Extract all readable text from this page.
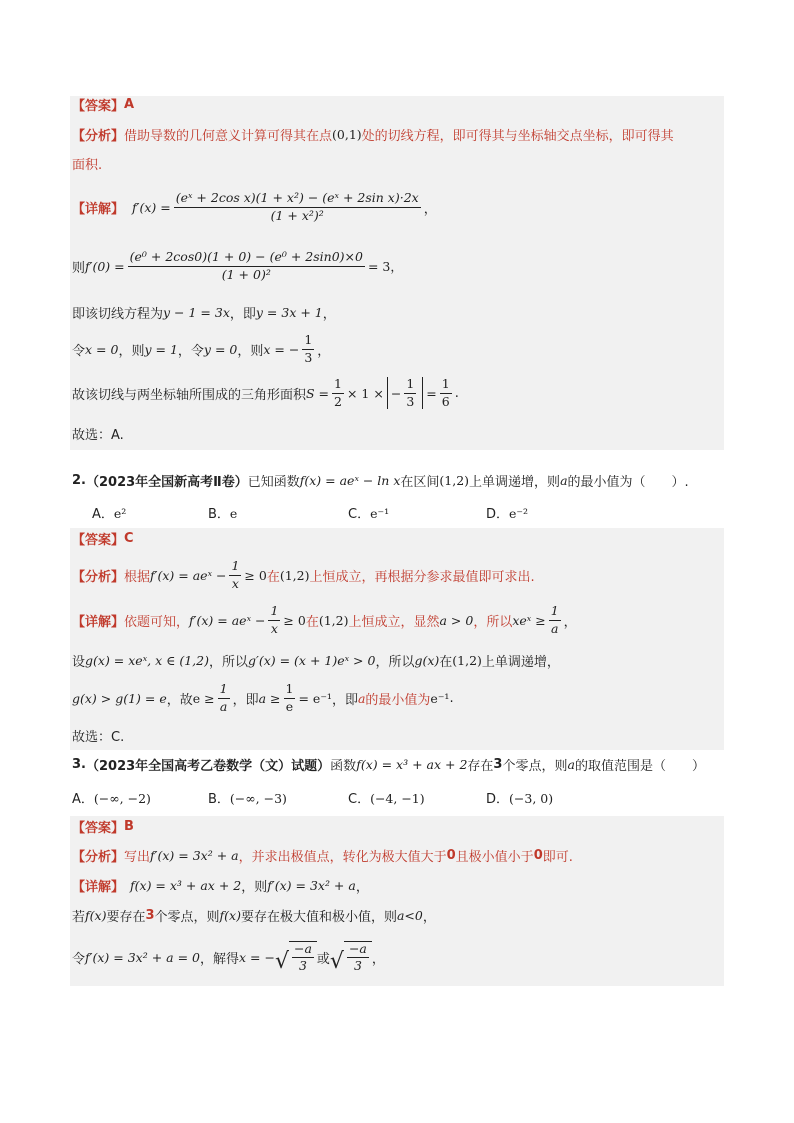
【答案】 A
【分析】 借助导数的几何意义计算可得其在点 (0,1) 处的切线方程，即可得其与坐标轴交点坐标，即可得其
面积.
【详解】 $f'(x) = \frac{\text{(eˣ + 2cos x)(1 + x²) − (eˣ + 2sin x)·2x}}{\text{(1 + x²)²}}$ ，
则 $f'(0) = \frac{\text{(e⁰ + 2cos0)(1 + 0) − (e⁰ + 2sin0)×0}}{\text{(1 + 0)²}} = 3$，
即该切线方程为 y − 1 = 3x ，即 y = 3x + 1 ，
令 x = 0 ，则 y = 1 ，令 y = 0 ，则 x = − $\frac{1}{3}$ ，
故该切线与两坐标轴所围成的三角形面积 $S = \frac{1}{2} \times 1$ × − $\frac{1}{3} = \frac{1}{6}$ .
故选：A.
2. （2023年全国新高考Ⅱ卷） 已知函数 f(x) = aeˣ − ln x 在区间 (1,2) 上单调递增，则 a 的最小值为（　　）.
A．e²	B．e	C．e⁻¹	D．e⁻²
【答案】 C
【分析】 根据 f′(x) = aeˣ − $\frac{1}{x} \ge 0$ 在 (1,2) 上恒成立，再根据分参求最值即可求出.
【详解】 依题可知， f′(x) = aeˣ − $\frac{1}{x} \ge 0$ 在 (1,2) 上恒成立，显然 a > 0 ，所以 xeˣ ≥ $\frac{1}{a}$ ，
设 g(x) = xeˣ, x ∈ (1,2) ，所以 g′(x) = (x + 1)eˣ > 0 ，所以 g(x) 在 (1,2) 上单调递增，
g(x) > g(1) = e ，故 $e \ge \frac{1}{a}$ ，即 $a \ge \frac{1}{e} = e^{-1}$ ，即 a 的最小值为 e⁻¹ .
故选：C.
3. （2023年全国高考乙卷数学（文）试题） 函数 f(x) = x³ + ax + 2 存在 3 个零点，则 a 的取值范围是（　　）
A．(−∞, −2)	B．(−∞, −3)	C．(−4, −1)	D．(−3, 0)
【答案】 B
【分析】 写出 f′(x) = 3x² + a ，并求出极值点，转化为极大值大于 0 且极小值小于 0 即可.
【详解】 f(x) = x³ + ax + 2 ，则 f′(x) = 3x² + a ，
若 f(x) 要存在 3 个零点，则 f(x) 要存在极大值和极小值，则 a<0 ，
令 f′(x) = 3x² + a = 0 ，解得 x = − √ $\frac{-a}{3}$ 或 √ $\frac{-a}{3}$ ，
